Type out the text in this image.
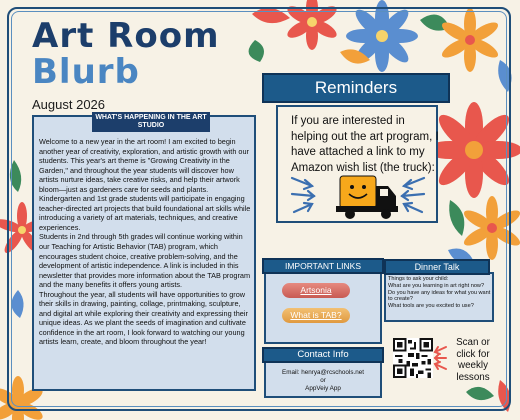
Art Room
Blurb
August 2026
WHAT'S HAPPENING IN THE ART STUDIO

Welcome to a new year in the art room! I am excited to begin another year of creativity, exploration, and artistic growth with our students. This year's art theme is "Growing Creativity in the Garden," and throughout the year students will discover how artists nurture ideas, take creative risks, and help their artwork bloom—just as gardeners care for seeds and plants.

Kindergarten and 1st grade students will participate in engaging teacher-directed art projects that build foundational art skills while introducing a variety of art materials, techniques, and creative experiences.

Students in 2nd through 5th grades will continue working within our Teaching for Artistic Behavior (TAB) program, which encourages student choice, creative problem-solving, and the development of artistic independence. A link is included in this newsletter that provides more information about the TAB program and the many benefits it offers young artists.

Throughout the year, all students will have opportunities to grow their skills in drawing, painting, collage, printmaking, sculpture, and digital art while exploring their creativity and expressing their unique ideas. As we plant the seeds of imagination and cultivate confidence in the art room, I look forward to watching our young artists learn, create, and bloom throughout the year!

Reminders
If you are interested in helping out the art program, I have attached a link to my Amazon wish list (the truck):
IMPORTANT LINKS
Artsonia
What is TAB?
Contact Info
Email: henrya@rcschools.net
or
AppVeiy App
Dinner Talk

Things to ask your child:

What are you learning in art right now?

Do you have any ideas for what you want to create?

What tools are you excited to use?

Scan or click for weekly lessons
